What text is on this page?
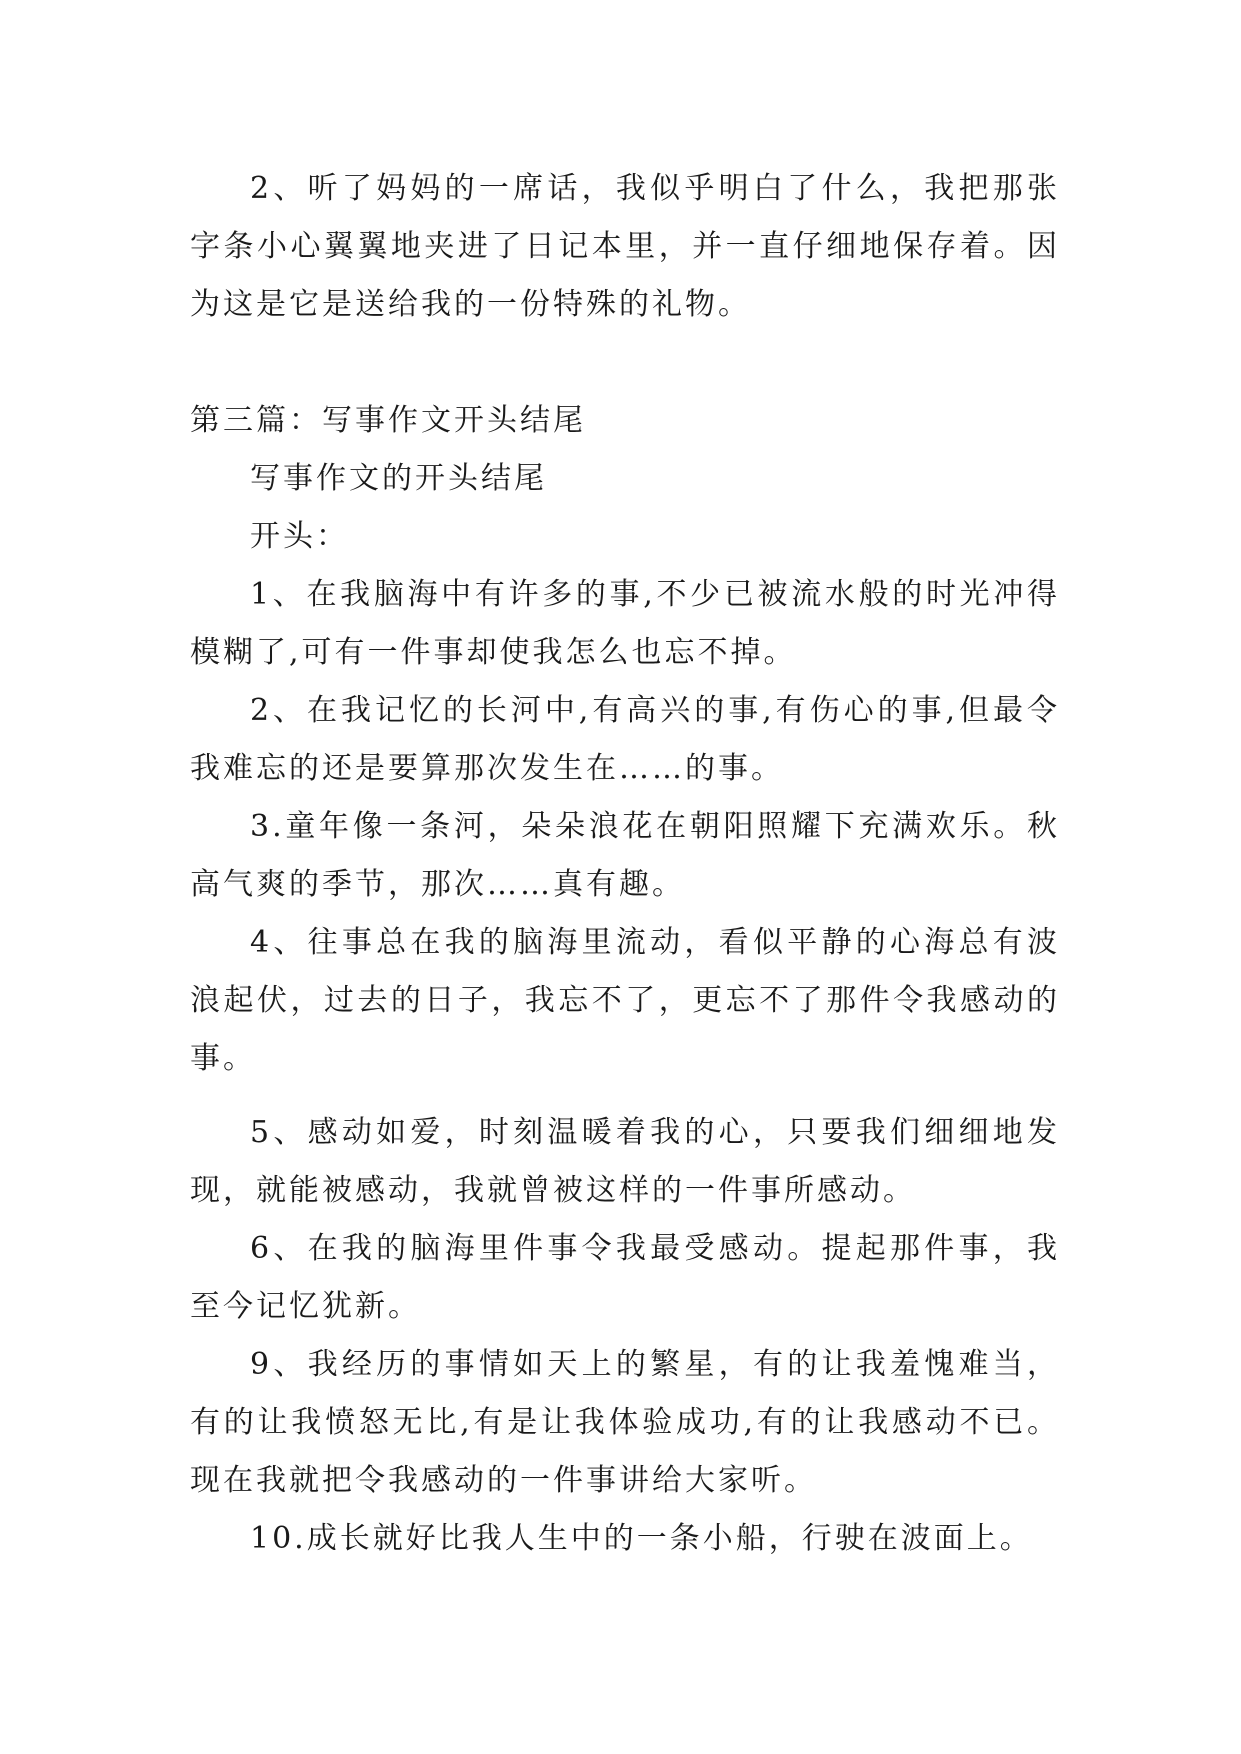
2、听了妈妈的一席话，我似乎明白了什么，我把那张字条小心翼翼地夹进了日记本里，并一直仔细地保存着。因为这是它是送给我的一份特殊的礼物。

第三篇：写事作文开头结尾

写事作文的开头结尾

开头：

1、在我脑海中有许多的事,不少已被流水般的时光冲得模糊了,可有一件事却使我怎么也忘不掉。

2、在我记忆的长河中,有高兴的事,有伤心的事,但最令我难忘的还是要算那次发生在……的事。

3.童年像一条河，朵朵浪花在朝阳照耀下充满欢乐。秋高气爽的季节，那次……真有趣。

4、往事总在我的脑海里流动，看似平静的心海总有波浪起伏，过去的日子，我忘不了，更忘不了那件令我感动的事。

5、感动如爱，时刻温暖着我的心，只要我们细细地发现，就能被感动，我就曾被这样的一件事所感动。

6、在我的脑海里件事令我最受感动。提起那件事，我至今记忆犹新。

9、我经历的事情如天上的繁星，有的让我羞愧难当，有的让我愤怒无比,有是让我体验成功,有的让我感动不已。现在我就把令我感动的一件事讲给大家听。

10.成长就好比我人生中的一条小船，行驶在波面上。
